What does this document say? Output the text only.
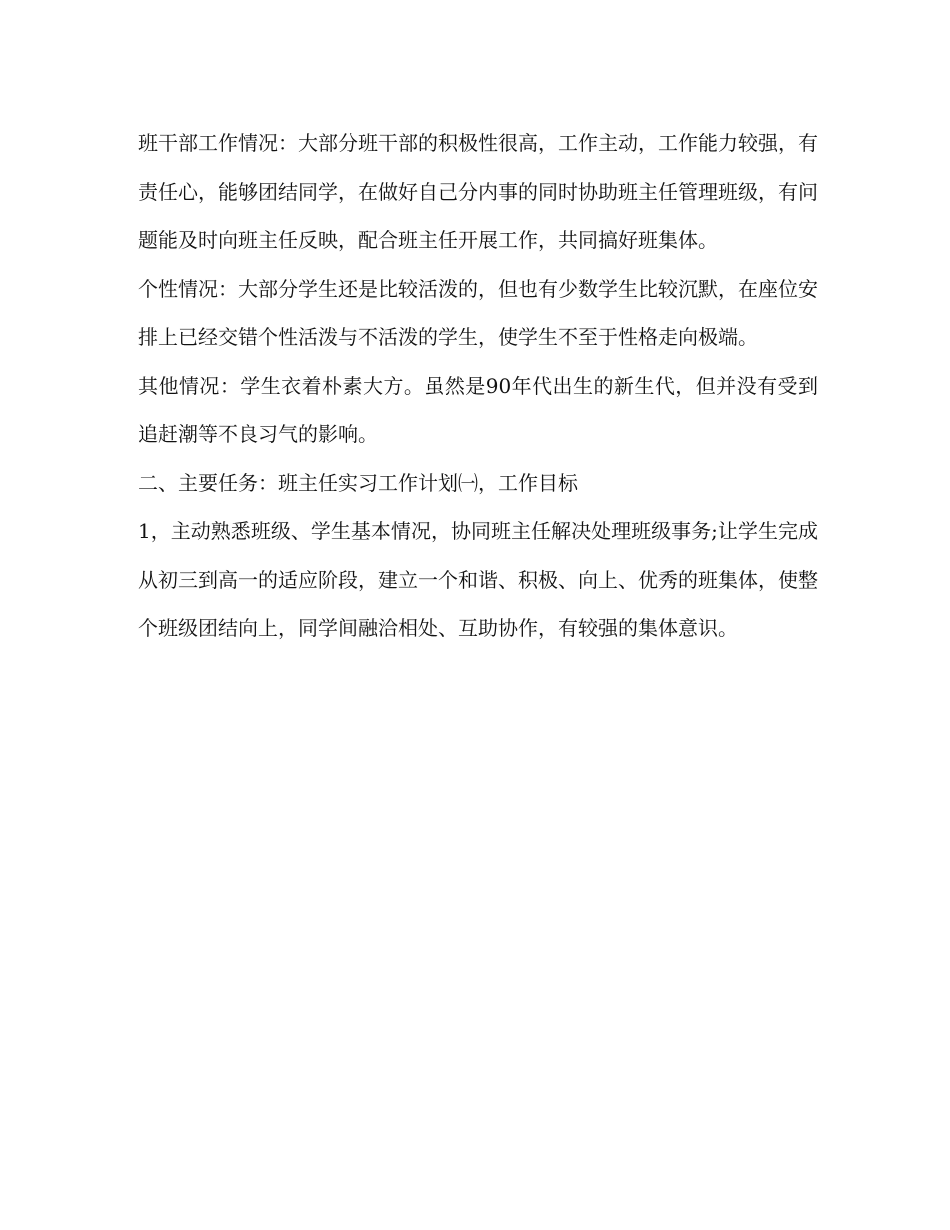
班干部工作情况：大部分班干部的积极性很高，工作主动，工作能力较强，有责任心，能够团结同学，在做好自己分内事的同时协助班主任管理班级，有问题能及时向班主任反映，配合班主任开展工作，共同搞好班集体。

个性情况：大部分学生还是比较活泼的，但也有少数学生比较沉默，在座位安排上已经交错个性活泼与不活泼的学生，使学生不至于性格走向极端。

其他情况：学生衣着朴素大方。虽然是90年代出生的新生代，但并没有受到追赶潮等不良习气的影响。

二、主要任务：班主任实习工作计划㈠，工作目标

1，主动熟悉班级、学生基本情况，协同班主任解决处理班级事务;让学生完成从初三到高一的适应阶段，建立一个和谐、积极、向上、优秀的班集体，使整个班级团结向上，同学间融洽相处、互助协作，有较强的集体意识。
